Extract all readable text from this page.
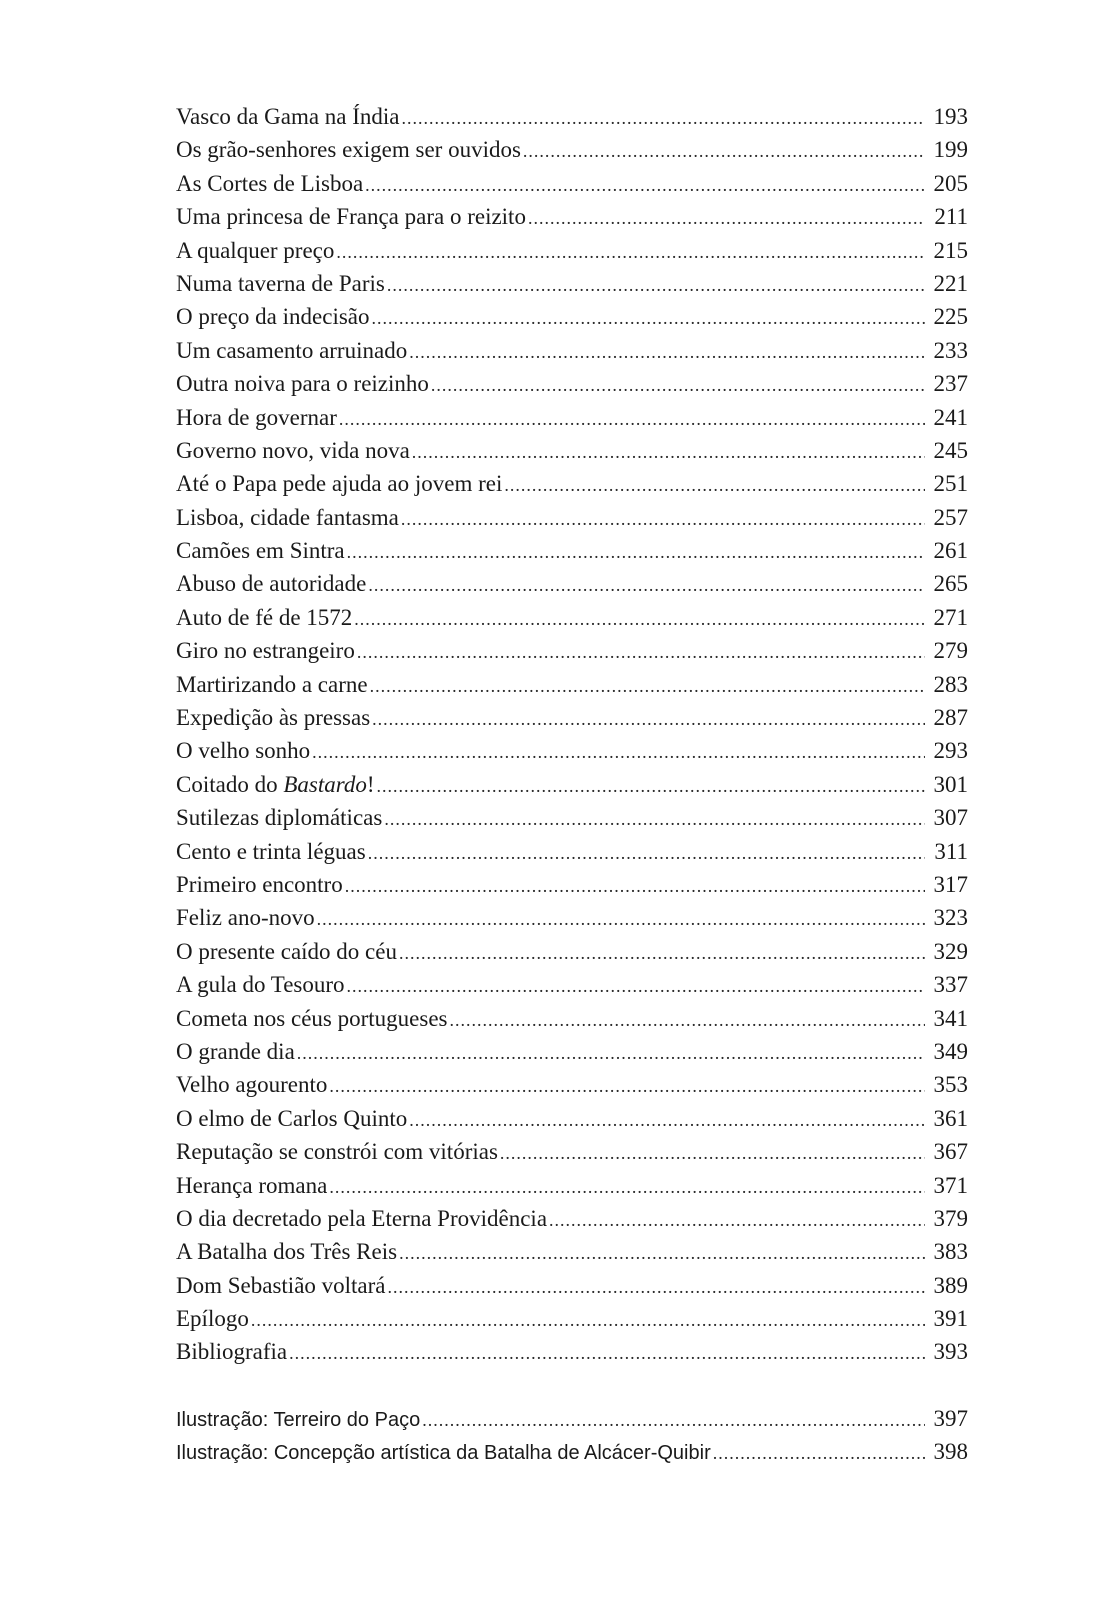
Vasco da Gama na Índia .....	193
Os grão-senhores exigem ser ouvidos .....	199
As Cortes de Lisboa .....	205
Uma princesa de França para o reizito .....	211
A qualquer preço .....	215
Numa taverna de Paris .....	221
O preço da indecisão .....	225
Um casamento arruinado .....	233
Outra noiva para o reizinho .....	237
Hora de governar .....	241
Governo novo, vida nova .....	245
Até o Papa pede ajuda ao jovem rei .....	251
Lisboa, cidade fantasma .....	257
Camões em Sintra .....	261
Abuso de autoridade .....	265
Auto de fé de 1572 .....	271
Giro no estrangeiro .....	279
Martirizando a carne .....	283
Expedição às pressas .....	287
O velho sonho .....	293
Coitado do Bastardo! .....	301
Sutilezas diplomáticas .....	307
Cento e trinta léguas .....	311
Primeiro encontro .....	317
Feliz ano-novo .....	323
O presente caído do céu .....	329
A gula do Tesouro .....	337
Cometa nos céus portugueses .....	341
O grande dia .....	349
Velho agourento .....	353
O elmo de Carlos Quinto .....	361
Reputação se constrói com vitórias .....	367
Herança romana .....	371
O dia decretado pela Eterna Providência .....	379
A Batalha dos Três Reis .....	383
Dom Sebastião voltará .....	389
Epílogo .....	391
Bibliografia .....	393
Ilustração: Terreiro do Paço .....	397
Ilustração: Concepção artística da Batalha de Alcácer-Quibir .....	398
